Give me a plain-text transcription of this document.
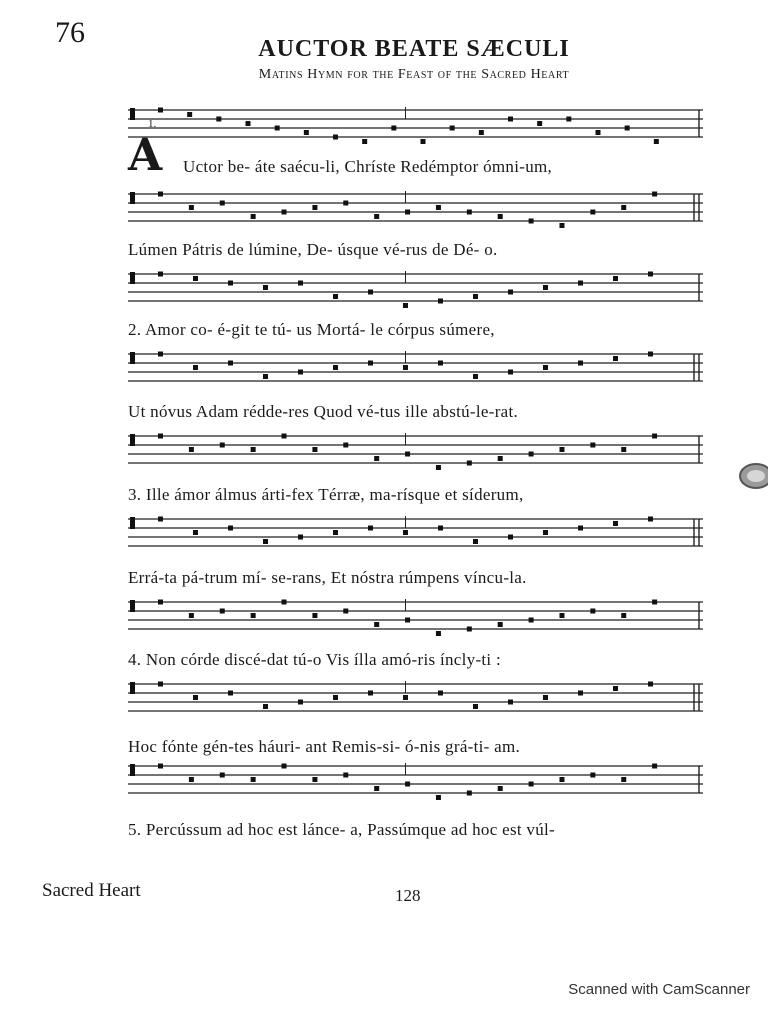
76	AUCTOR BEATE SÆCULI
Matins Hymn for the Feast of the Sacred Heart
1.
A Uctor be- áte saécu-li, Chríste Redémptor ómni-um,
Lúmen Pátris de lúmine, De- úsque vé-rus de Dé- o.
2. Amor co- é-git te tú- us Mortá- le córpus súmere,
Ut nóvus Adam rédde-res Quod vé-tus ille abstú-le-rat.
3. Ille ámor álmus árti-fex Térræ, ma-rísque et síderum,
Errá-ta pá-trum mí- se-rans, Et nóstra rúmpens víncu-la.
4. Non córde discé-dat tú-o Vis ílla amó-ris íncly-ti :
Hoc fónte gén-tes háuri- ant Remis-si- ó-nis grá-ti- am.
5. Percússum ad hoc est lánce- a, Passúmque ad hoc est vúl-
Sacred Heart	128
Scanned with CamScanner
